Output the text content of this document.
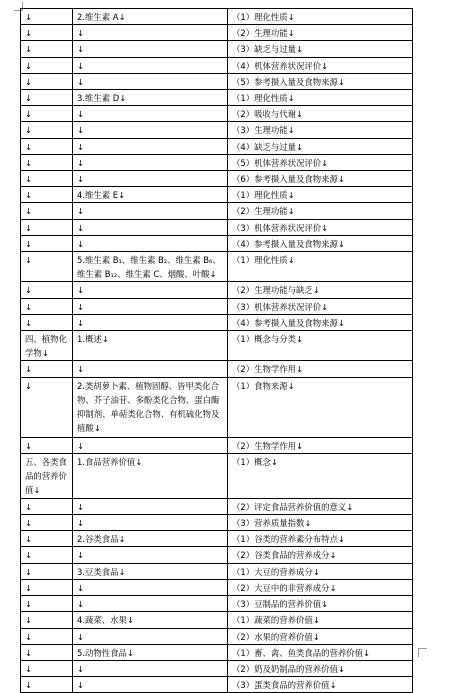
↓	2.维生素 A↓	（1）理化性质↓
↓	↓	（2）生理功能↓
↓	↓	（3）缺乏与过量↓
↓	↓	（4）机体营养状况评价↓
↓	↓	（5）参考摄入量及食物来源↓
↓	3.维生素 D↓	（1）理化性质↓
↓	↓	（2）吸收与代谢↓
↓	↓	（3）生理功能↓
↓	↓	（4）缺乏与过量↓
↓	↓	（5）机体营养状况评价↓
↓	↓	（6）参考摄入量及食物来源↓
↓	4.维生素 E↓	（1）理化性质↓
↓	↓	（2）生理功能↓
↓	↓	（3）机体营养状况评价↓
↓	↓	（4）参考摄入量及食物来源↓
↓	5.维生素 B₁、维生素 B₂、维生素 B₆、维生素 B₁₂、维生素 C、烟酸、叶酸↓	（1）理化性质↓
↓	↓	（2）生理功能与缺乏↓
↓	↓	（3）机体营养状况评价↓
↓	↓	（4）参考摄入量及食物来源↓
四、植物化学物↓	1.概述↓	（1）概念与分类↓
↓	↓	（2）生物学作用↓
↓	2.类胡萝卜素、植物固醇、皆甲类化合物、芥子油苷、多酚类化合物、蛋白酶抑制剂、单萜类化合物、有机硫化物及植酸↓	（1）食物来源↓
↓	↓	（2）生物学作用↓
五、各类食品的营养价值↓	1.食品营养价值↓	（1）概念↓
↓	↓	（2）评定食品营养价值的意义↓
↓	↓	（3）营养质量指数↓
↓	2.谷类食品↓	（1）谷类的营养素分布特点↓
↓	↓	（2）谷类食品的营养成分↓
↓	3.豆类食品↓	（1）大豆的营养成分↓
↓	↓	（2）大豆中的非营养成分↓
↓	↓	（3）豆制品的营养价值↓
↓	4.蔬菜、水果↓	（1）蔬菜的营养价值↓
↓	↓	（2）水果的营养价值↓
↓	5.动物性食品↓	（1）畜、禽、鱼类食品的营养价值↓
↓	↓	（2）奶及奶制品的营养价值↓
↓	↓	（3）蛋类食品的营养价值↓
